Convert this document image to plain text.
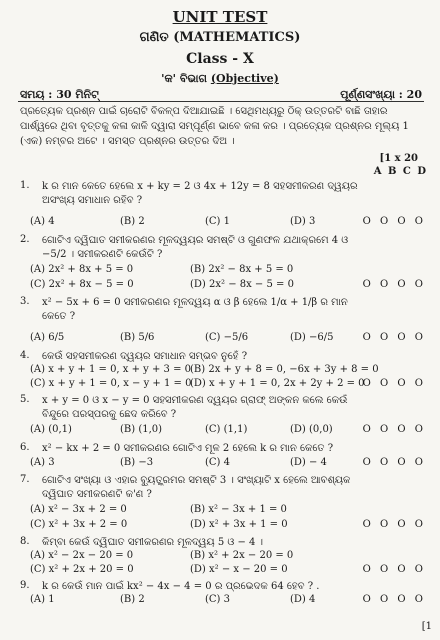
UNIT TEST
ଗଣିତ (MATHEMATICS)
Class - X
'କ' ବିଭାଗ (Objective)
ସମୟ : 30 ମିନିଟ୍	ପୂର୍ଣ୍ଣସଂଖ୍ୟା : 20
ପ୍ରତ୍ୟେକ ପ୍ରଶ୍ନ ପାଇଁ ଚାରୋଟି ବିକଳ୍ପ ଦିଆଯାଇଛି । ସେଥିମଧ୍ୟରୁ ଠିକ୍ ଉତ୍ତରଟି ବାଛି ତାହାର ପାର୍ଶ୍ୱରେ ଥିବା ବୃତ୍ତକୁ କଳା କାଳି ଦ୍ୱାରା ସମ୍ପୂର୍ଣ୍ଣ ଭାବେ କଳା କର । ପ୍ରତ୍ୟେକ ପ୍ରଶ୍ନର ମୂଲ୍ୟ 1 (ଏକ) ନମ୍ବର ଅଟେ । ସମସ୍ତ ପ୍ରଶ୍ନର ଉତ୍ତର ଦିଅ ।
[1 x 20
A B C D
1. k ର ମାନ କେତେ ହେଲେ x + ky = 2 ଓ 4x + 12y = 8 ସହସମୀକରଣ ଦ୍ୱୟର ଅସଂଖ୍ୟ ସମାଧାନ ରହିବ ?
(A) 4	(B) 2	(C) 1	(D) 3	O O O O
2. ଗୋଟିଏ ଦ୍ୱିଘାତ ସମୀକରଣର ମୂଳଦ୍ୱୟର ସମଷ୍ଟି ଓ ଗୁଣଫଳ ଯଥାକ୍ରମେ 4 ଓ −5/2 । ସମୀକରଣଟି କେଉଁଟି ?
(A) 2x² + 8x + 5 = 0	(B) 2x² − 8x + 5 = 0
(C) 2x² + 8x − 5 = 0	(D) 2x² − 8x − 5 = 0	O O O O
3. x² − 5x + 6 = 0 ସମୀକରଣର ମୂଳଦ୍ୱୟ α ଓ β ହେଲେ 1/α + 1/β ର ମାନ କେତେ ?
(A) 6/5	(B) 5/6	(C) −5/6	(D) −6/5	O O O O
4. କେଉଁ ସହସମୀକରଣ ଦ୍ୱୟର ସମାଧାନ ସମ୍ଭବ ନୁହେଁ ?
(A) x + y + 1 = 0, x + y + 3 = 0
(B) 2x + y + 8 = 0, −6x + 3y + 8 = 0
(C) x + y + 1 = 0, x − y + 1 = 0
(D) x + y + 1 = 0, 2x + 2y + 2 = 0
O O O O
5. x + y = 0 ଓ x − y = 0 ସହସମୀକରଣ ଦ୍ୱୟର ଗ୍ରାଫ୍ ଅଙ୍କନ କଲେ କେଉଁ ବିନ୍ଦୁରେ ପରସ୍ପରକୁ ଛେଦ କରିବେ ?
(A) (0,1)	(B) (1,0)	(C) (1,1)	(D) (0,0)	O O O O
6. x² − kx + 2 = 0 ସମୀକରଣର ଗୋଟିଏ ମୂଳ 2 ହେଲେ k ର ମାନ କେତେ ?
(A) 3	(B) −3	(C) 4	(D) − 4	O O O O
7. ଗୋଟିଏ ସଂଖ୍ୟା ଓ ଏହାର ବ୍ୟୁତ୍କ୍ରମର ସମଷ୍ଟି 3 । ସଂଖ୍ୟାଟି x ହେଲେ ଆବଶ୍ୟକ ଦ୍ୱିଘାତ ସମୀକରଣଟି କ'ଣ ?
(A) x² − 3x + 2 = 0	(B) x² − 3x + 1 = 0
(C) x² + 3x + 2 = 0	(D) x² + 3x + 1 = 0	O O O O
8. କିମ୍ବା କେଉଁ ଦ୍ୱିଘାତ ସମୀକରଣର ମୂଳଦ୍ୱୟ 5 ଓ − 4 ।
(A) x² − 2x − 20 = 0	(B) x² + 2x − 20 = 0
(C) x² + 2x + 20 = 0	(D) x² − x − 20 = 0	O O O O
9. k ର କେଉଁ ମାନ ପାଇଁ kx² − 4x − 4 = 0 ର ପ୍ରଭେଦକ 64 ହେବ ? .
(A) 1	(B) 2	(C) 3	(D) 4	O O O O
[1
